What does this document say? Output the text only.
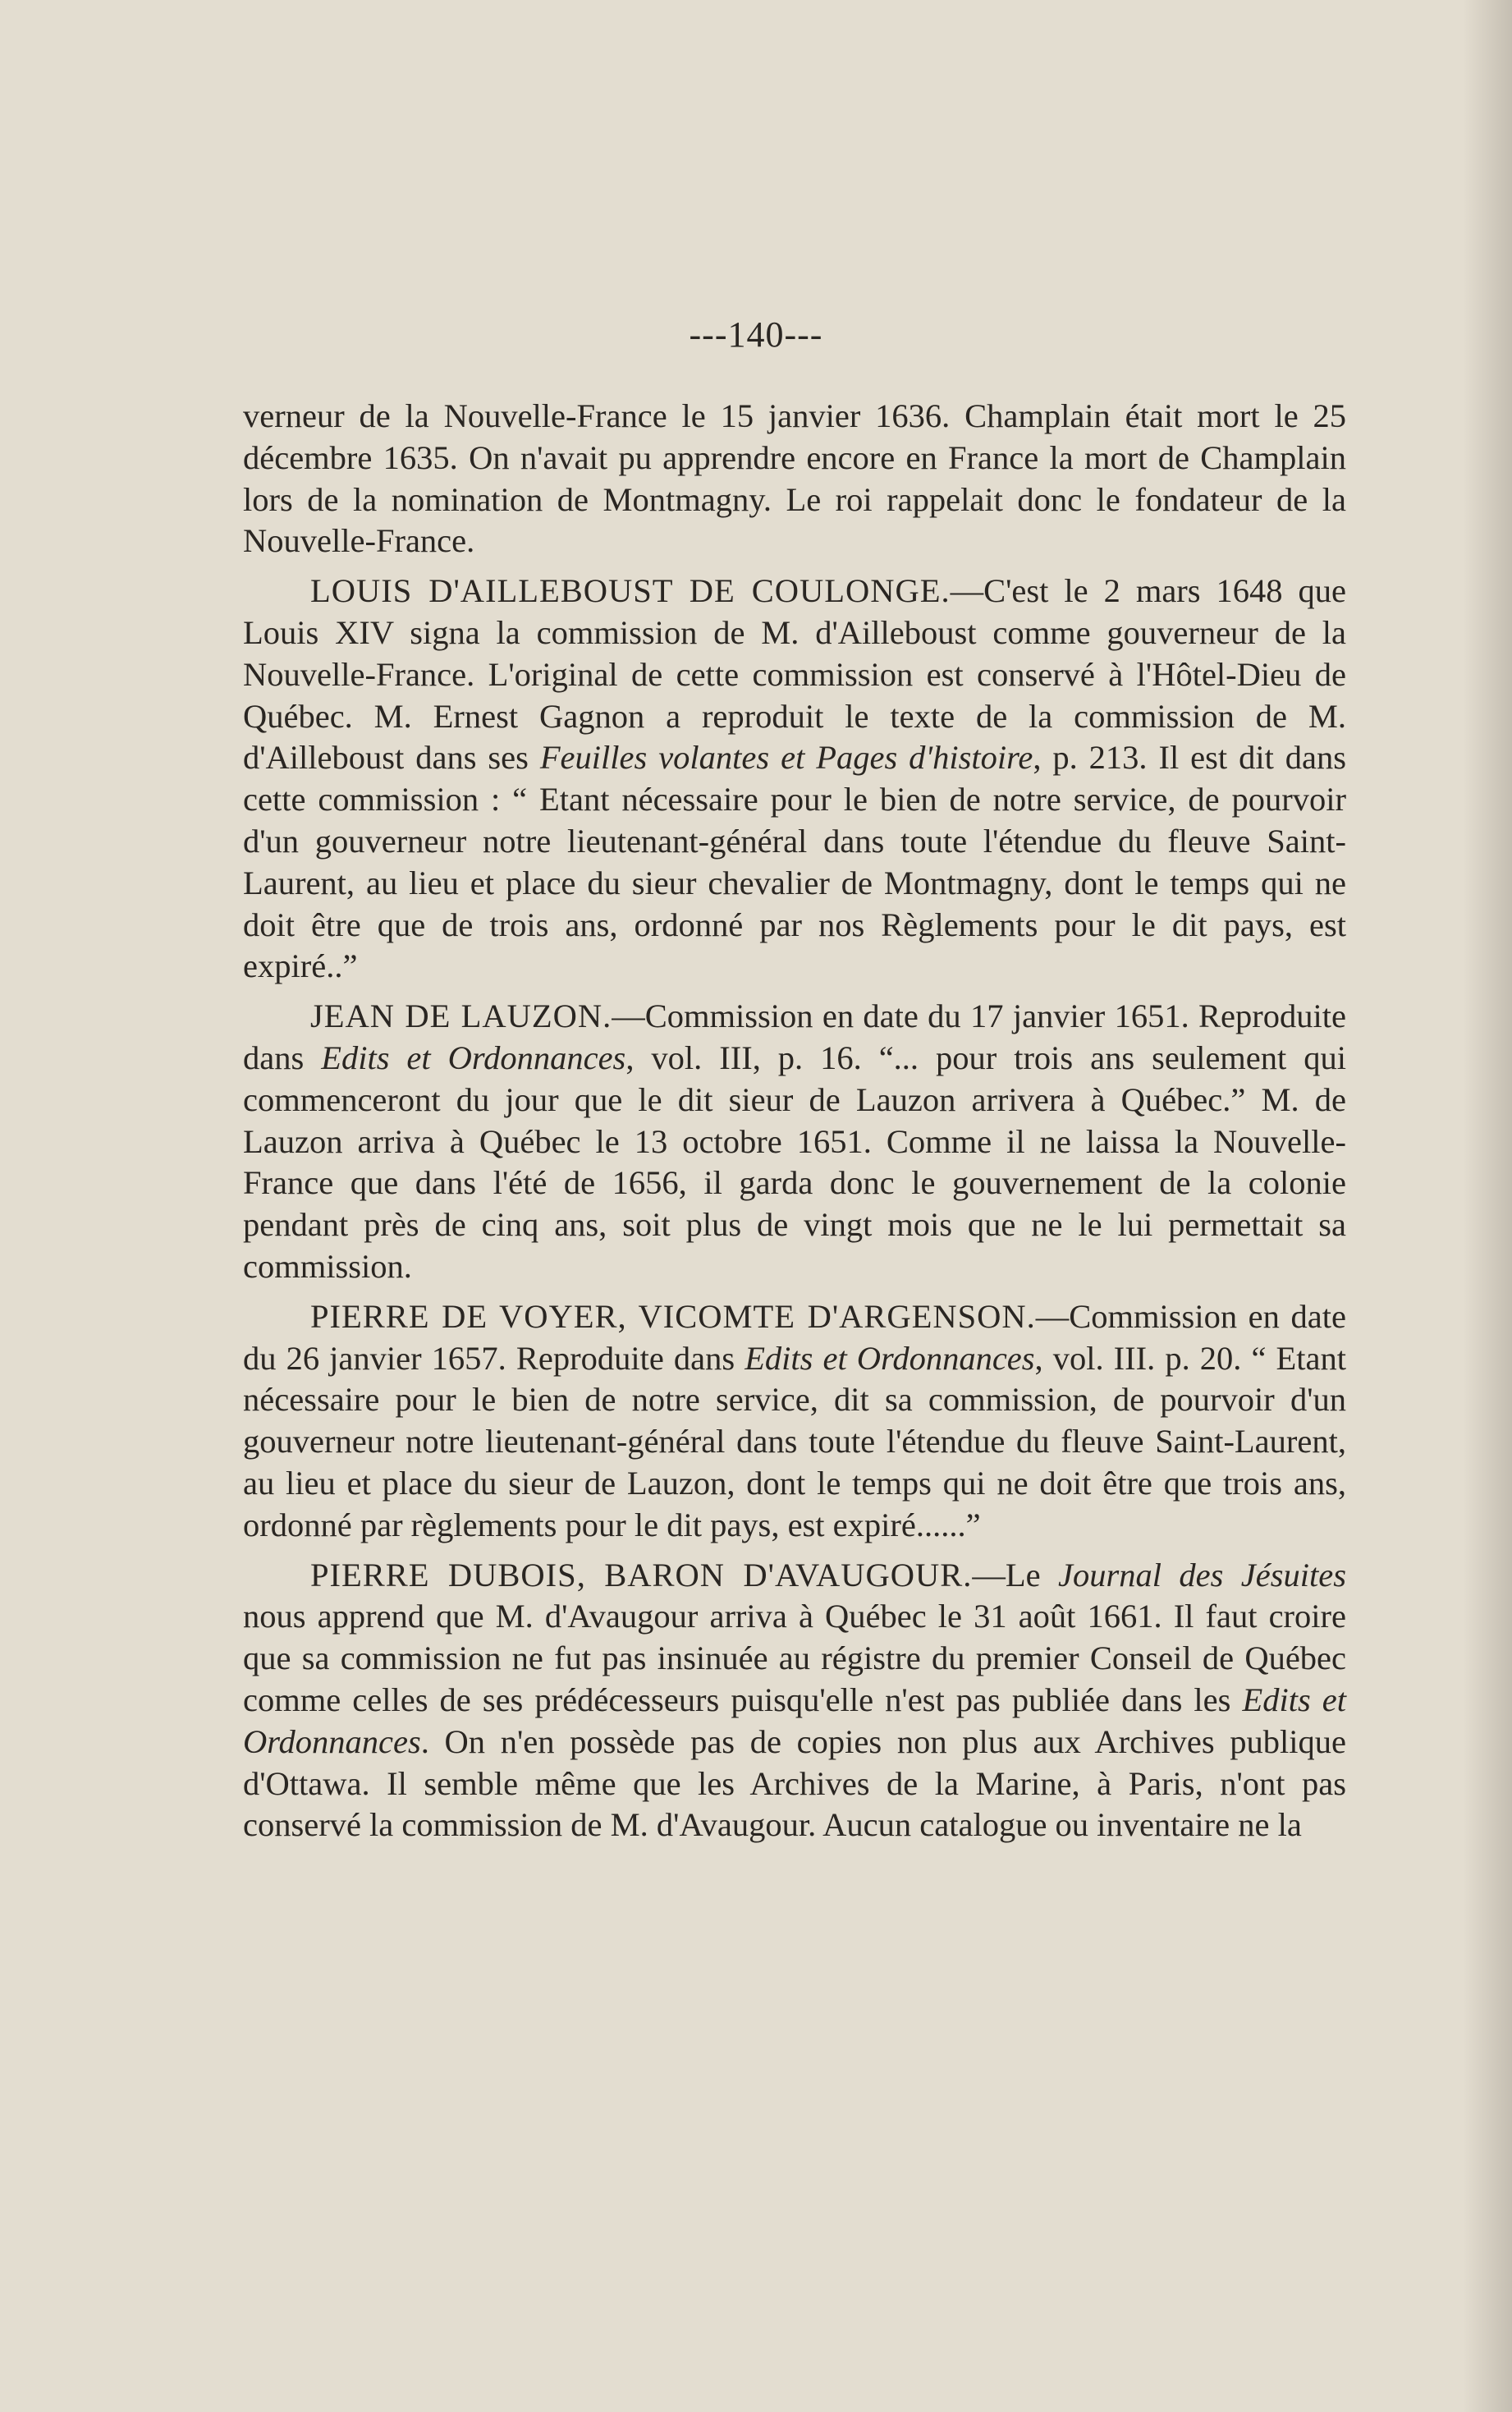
---140---

verneur de la Nouvelle-France le 15 janvier 1636. Champlain était mort le 25 décembre 1635. On n'avait pu apprendre encore en France la mort de Champlain lors de la nomination de Montmagny. Le roi rappelait donc le fondateur de la Nouvelle-France.

LOUIS D'AILLEBOUST DE COULONGE.—C'est le 2 mars 1648 que Louis XIV signa la commission de M. d'Ailleboust comme gouverneur de la Nouvelle-France. L'original de cette commission est conservé à l'Hôtel-Dieu de Québec. M. Ernest Gagnon a reproduit le texte de la commission de M. d'Ailleboust dans ses Feuilles volantes et Pages d'histoire, p. 213. Il est dit dans cette commission : “ Etant nécessaire pour le bien de notre service, de pourvoir d'un gouverneur notre lieutenant-général dans toute l'étendue du fleuve Saint-Laurent, au lieu et place du sieur chevalier de Montmagny, dont le temps qui ne doit être que de trois ans, ordonné par nos Règlements pour le dit pays, est expiré..”

JEAN DE LAUZON.—Commission en date du 17 janvier 1651. Reproduite dans Edits et Ordonnances, vol. III, p. 16. “... pour trois ans seulement qui commenceront du jour que le dit sieur de Lauzon arrivera à Québec.” M. de Lauzon arriva à Québec le 13 octobre 1651. Comme il ne laissa la Nouvelle-France que dans l'été de 1656, il garda donc le gouvernement de la colonie pendant près de cinq ans, soit plus de vingt mois que ne le lui permettait sa commission.

PIERRE DE VOYER, VICOMTE D'ARGENSON.—Commission en date du 26 janvier 1657. Reproduite dans Edits et Ordonnances, vol. III. p. 20. “ Etant nécessaire pour le bien de notre service, dit sa commission, de pourvoir d'un gouverneur notre lieutenant-général dans toute l'étendue du fleuve Saint-Laurent, au lieu et place du sieur de Lauzon, dont le temps qui ne doit être que trois ans, ordonné par règlements pour le dit pays, est expiré......”

PIERRE DUBOIS, BARON D'AVAUGOUR.—Le Journal des Jésuites nous apprend que M. d'Avaugour arriva à Québec le 31 août 1661. Il faut croire que sa commission ne fut pas insinuée au régistre du premier Conseil de Québec comme celles de ses prédécesseurs puisqu'elle n'est pas publiée dans les Edits et Ordonnances. On n'en possède pas de copies non plus aux Archives publique d'Ottawa. Il semble même que les Archives de la Marine, à Paris, n'ont pas conservé la commission de M. d'Avaugour. Aucun catalogue ou inventaire ne la
